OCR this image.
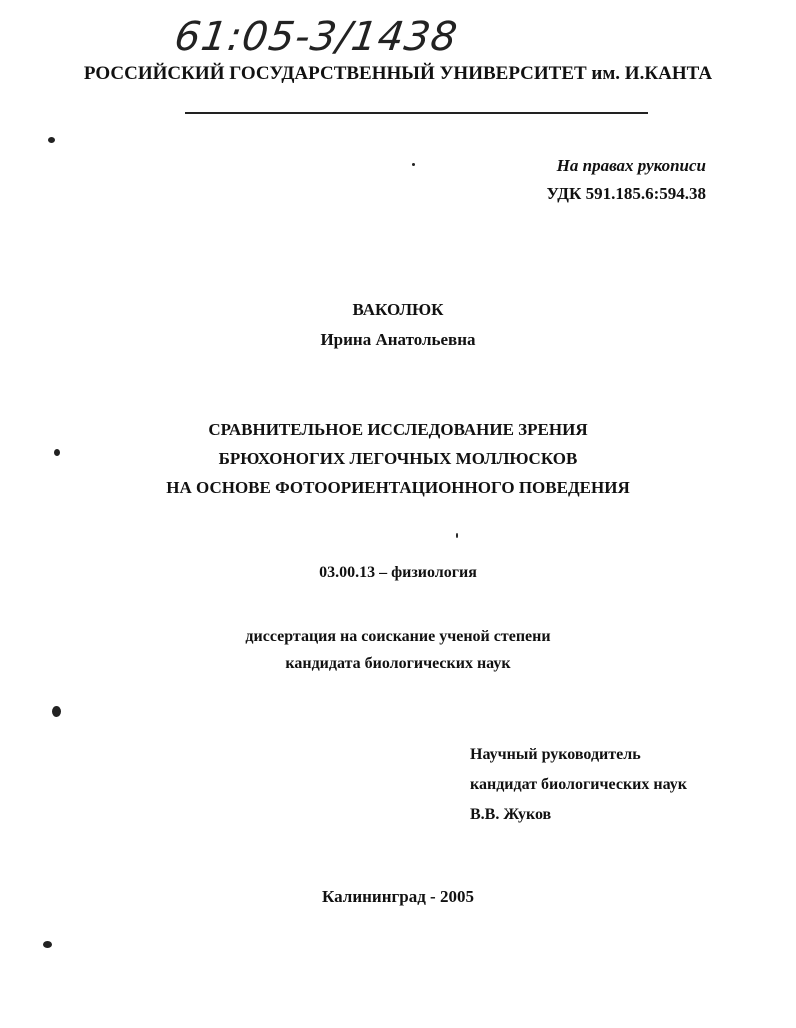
61:05-3/1438
РОССИЙСКИЙ ГОСУДАРСТВЕННЫЙ УНИВЕРСИТЕТ им. И.КАНТА
На правах рукописи
УДК 591.185.6:594.38
ВАКОЛЮК
Ирина Анатольевна
СРАВНИТЕЛЬНОЕ ИССЛЕДОВАНИЕ ЗРЕНИЯ
БРЮХОНОГИХ ЛЕГОЧНЫХ МОЛЛЮСКОВ
НА ОСНОВЕ ФОТООРИЕНТАЦИОННОГО ПОВЕДЕНИЯ
03.00.13 – физиология
диссертация на соискание ученой степени
кандидата биологических наук
Научный руководитель
кандидат биологических наук
В.В. Жуков
Калининград - 2005
